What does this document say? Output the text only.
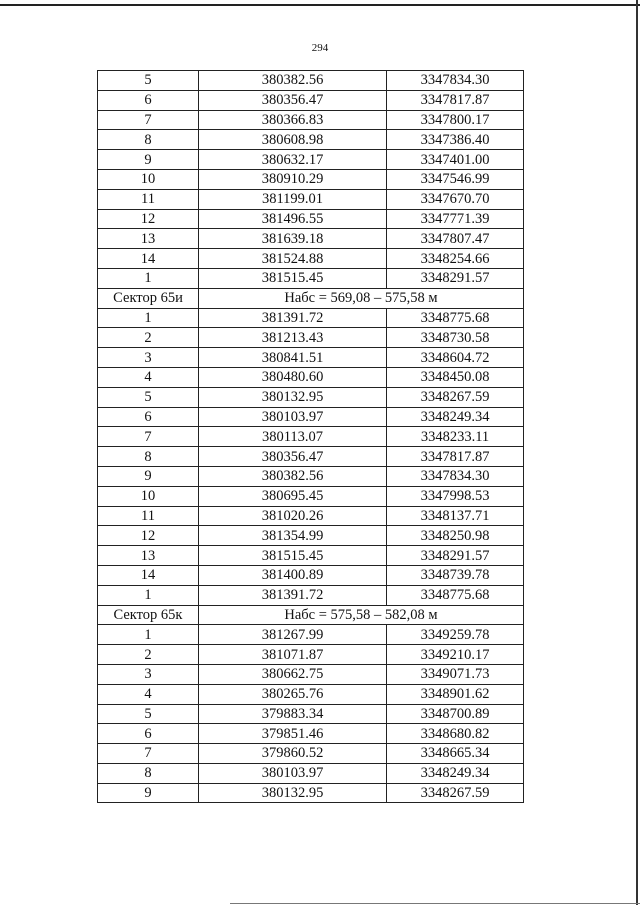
294
5	380382.56	3347834.30
6	380356.47	3347817.87
7	380366.83	3347800.17
8	380608.98	3347386.40
9	380632.17	3347401.00
10	380910.29	3347546.99
11	381199.01	3347670.70
12	381496.55	3347771.39
13	381639.18	3347807.47
14	381524.88	3348254.66
1	381515.45	3348291.57
Сектор 65и	Набс = 569,08 – 575,58 м	
1	381391.72	3348775.68
2	381213.43	3348730.58
3	380841.51	3348604.72
4	380480.60	3348450.08
5	380132.95	3348267.59
6	380103.97	3348249.34
7	380113.07	3348233.11
8	380356.47	3347817.87
9	380382.56	3347834.30
10	380695.45	3347998.53
11	381020.26	3348137.71
12	381354.99	3348250.98
13	381515.45	3348291.57
14	381400.89	3348739.78
1	381391.72	3348775.68
Сектор 65к	Набс = 575,58 – 582,08 м	
1	381267.99	3349259.78
2	381071.87	3349210.17
3	380662.75	3349071.73
4	380265.76	3348901.62
5	379883.34	3348700.89
6	379851.46	3348680.82
7	379860.52	3348665.34
8	380103.97	3348249.34
9	380132.95	3348267.59
